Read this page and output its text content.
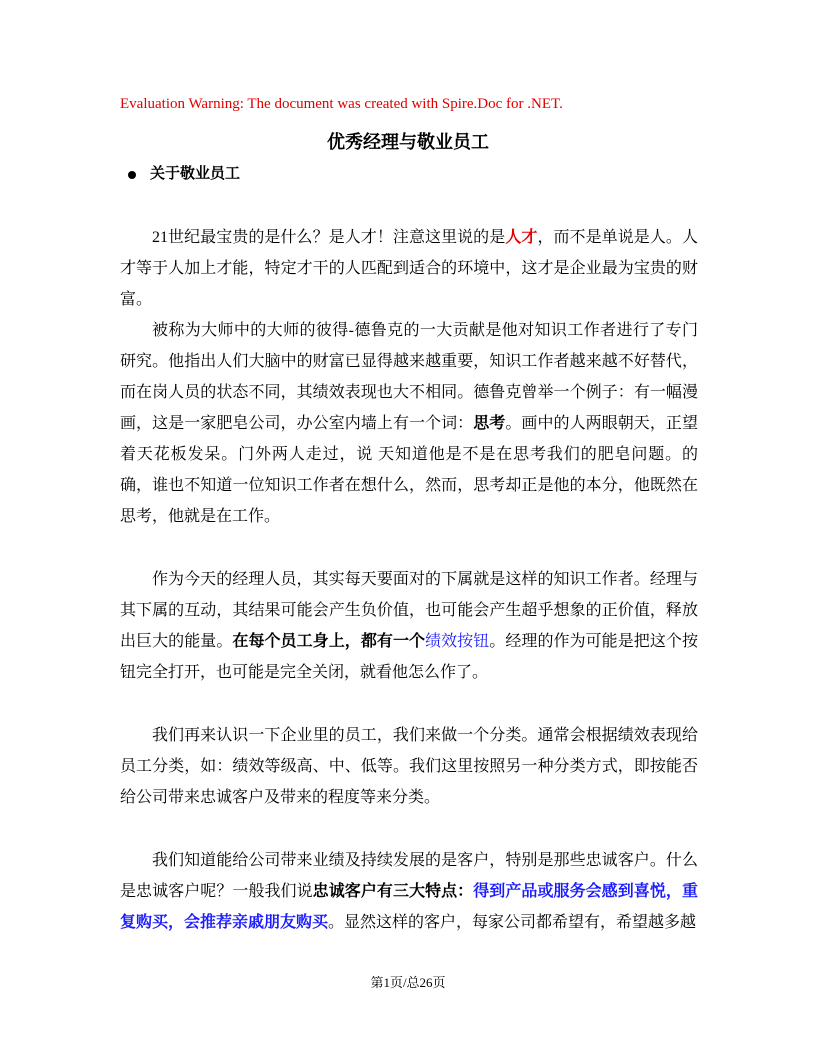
Evaluation Warning: The document was created with Spire.Doc for .NET.
优秀经理与敬业员工
关于敬业员工
21世纪最宝贵的是什么？是人才！注意这里说的是人才，而不是单说是人。人才等于人加上才能，特定才干的人匹配到适合的环境中，这才是企业最为宝贵的财富。
被称为大师中的大师的彼得-德鲁克的一大贡献是他对知识工作者进行了专门研究。他指出人们大脑中的财富已显得越来越重要，知识工作者越来越不好替代，而在岗人员的状态不同，其绩效表现也大不相同。德鲁克曾举一个例子：有一幅漫画，这是一家肥皂公司，办公室内墙上有一个词：思考。画中的人两眼朝天，正望着天花板发呆。门外两人走过，说 天知道他是不是在思考我们的肥皂问题。的确，谁也不知道一位知识工作者在想什么，然而，思考却正是他的本分，他既然在思考，他就是在工作。
作为今天的经理人员，其实每天要面对的下属就是这样的知识工作者。经理与其下属的互动，其结果可能会产生负价值，也可能会产生超乎想象的正价值，释放出巨大的能量。在每个员工身上，都有一个绩效按钮。经理的作为可能是把这个按钮完全打开，也可能是完全关闭，就看他怎么作了。
我们再来认识一下企业里的员工，我们来做一个分类。通常会根据绩效表现给员工分类，如：绩效等级高、中、低等。我们这里按照另一种分类方式，即按能否给公司带来忠诚客户及带来的程度等来分类。
我们知道能给公司带来业绩及持续发展的是客户，特别是那些忠诚客户。什么是忠诚客户呢？一般我们说忠诚客户有三大特点：得到产品或服务会感到喜悦，重复购买，会推荐亲戚朋友购买。显然这样的客户，每家公司都希望有，希望越多越
第1页/总26页
